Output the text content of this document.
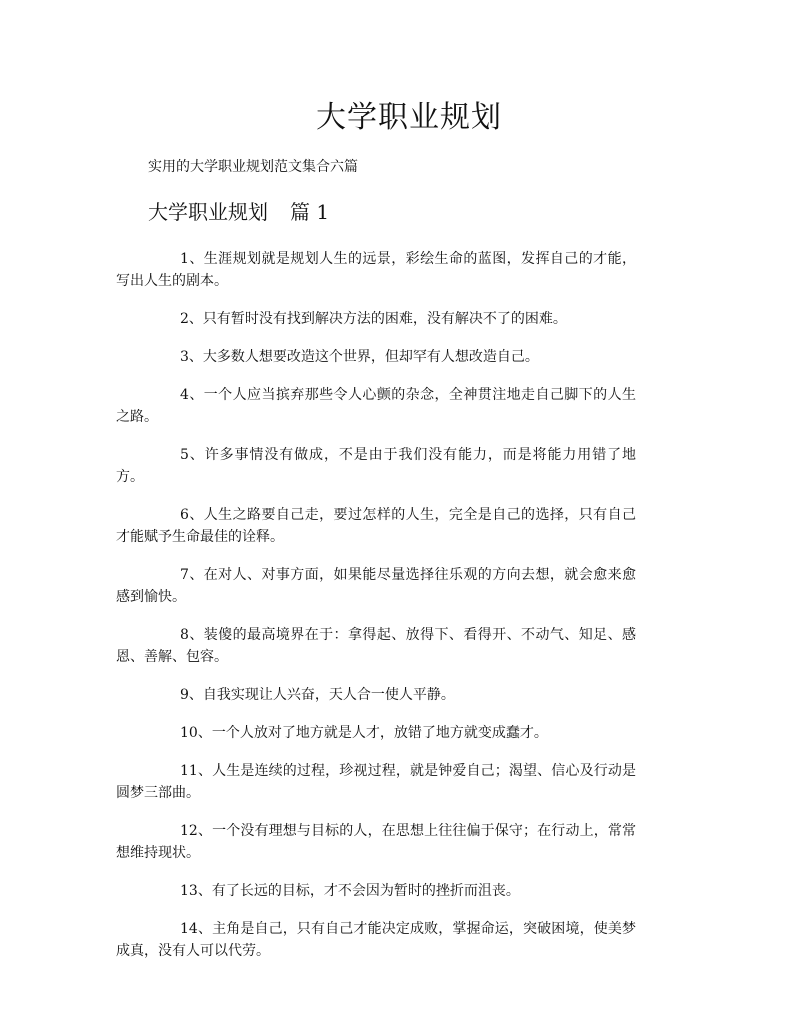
大学职业规划

实用的大学职业规划范文集合六篇

大学职业规划 篇 1
1、生涯规划就是规划人生的远景，彩绘生命的蓝图，发挥自己的才能，写出人生的剧本。
2、只有暂时没有找到解决方法的困难，没有解决不了的困难。
3、大多数人想要改造这个世界，但却罕有人想改造自己。
4、一个人应当摈弃那些令人心颤的杂念，全神贯注地走自己脚下的人生之路。
5、许多事情没有做成，不是由于我们没有能力，而是将能力用错了地方。
6、人生之路要自己走，要过怎样的人生，完全是自己的选择，只有自己才能赋予生命最佳的诠释。
7、在对人、对事方面，如果能尽量选择往乐观的方向去想，就会愈来愈感到愉快。
8、装傻的最高境界在于：拿得起、放得下、看得开、不动气、知足、感恩、善解、包容。
9、自我实现让人兴奋，天人合一使人平静。
10、一个人放对了地方就是人才，放错了地方就变成蠢才。
11、人生是连续的过程，珍视过程，就是钟爱自己；渴望、信心及行动是圆梦三部曲。
12、一个没有理想与目标的人，在思想上往往偏于保守；在行动上，常常想维持现状。
13、有了长远的目标，才不会因为暂时的挫折而沮丧。
14、主角是自己，只有自己才能决定成败，掌握命运，突破困境，使美梦成真，没有人可以代劳。
